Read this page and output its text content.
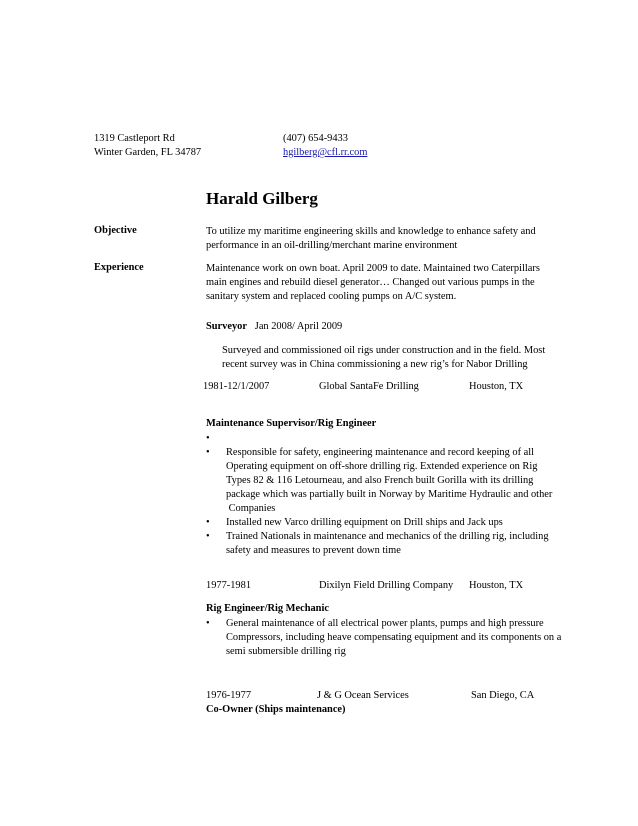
1319 Castleport Rd
Winter Garden, FL 34787
(407) 654-9433
hgilberg@cfl.rr.com
Harald Gilberg
Objective	To utilize my maritime engineering skills and knowledge to enhance safety and
performance in an oil-drilling/merchant marine environment
Experience	Maintenance work on own boat. April 2009 to date. Maintained two Caterpillars
main engines and rebuild diesel generator… Changed out various pumps in the
sanitary system and replaced cooling pumps on A/C system.
Surveyor Jan 2008/ April 2009
Surveyed and commissioned oil rigs under construction and in the field. Most
recent survey was in China commissioning a new rig’s for Nabor Drilling
1981-12/1/2007	Global SantaFe Drilling	Houston, TX
Maintenance Supervisor/Rig Engineer
•

•	Responsible for safety, engineering maintenance and record keeping of all
Operating equipment on off-shore drilling rig. Extended experience on Rig
Types 82 & 116 Letourneau, and also French built Gorilla with its drilling
package which was partially built in Norway by Maritime Hydraulic and other
Companies
•	Installed new Varco drilling equipment on Drill ships and Jack ups
•	Trained Nationals in maintenance and mechanics of the drilling rig, including
safety and measures to prevent down time
1977-1981	Dixilyn Field Drilling Company Houston, TX
Rig Engineer/Rig Mechanic
•	General maintenance of all electrical power plants, pumps and high pressure
Compressors, including heave compensating equipment and its components on a
semi submersible drilling rig
1976-1977	J & G Ocean Services	San Diego, CA
Co-Owner (Ships maintenance)
